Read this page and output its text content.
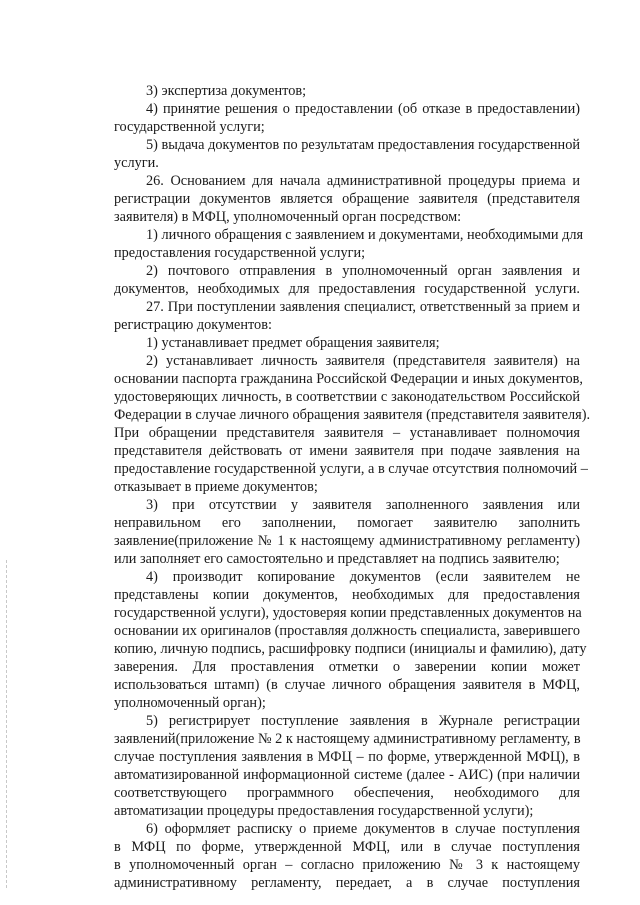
3) экспертиза документов;
4) принятие решения о предоставлении (об отказе в предоставлении)
государственной услуги;
5) выдача документов по результатам предоставления государственной
услуги.
26. Основанием для начала административной процедуры приема и
регистрации документов является обращение заявителя (представителя
заявителя) в МФЦ, уполномоченный орган посредством:
1) личного обращения с заявлением и документами, необходимыми для
предоставления государственной услуги;
2) почтового отправления в уполномоченный орган заявления и
документов, необходимых для предоставления государственной услуги.
27. При поступлении заявления специалист, ответственный за прием и
регистрацию документов:
1) устанавливает предмет обращения заявителя;
2) устанавливает личность заявителя (представителя заявителя) на
основании паспорта гражданина Российской Федерации и иных документов,
удостоверяющих личность, в соответствии с законодательством Российской
Федерации в случае личного обращения заявителя (представителя заявителя).
При обращении представителя заявителя – устанавливает полномочия
представителя действовать от имени заявителя при подаче заявления на
предоставление государственной услуги, а в случае отсутствия полномочий –
отказывает в приеме документов;
3) при отсутствии у заявителя заполненного заявления или
неправильном его заполнении, помогает заявителю заполнить
заявление(приложение № 1 к настоящему административному регламенту)
или заполняет его самостоятельно и представляет на подпись заявителю;
4) производит копирование документов (если заявителем не
представлены копии документов, необходимых для предоставления
государственной услуги), удостоверяя копии представленных документов на
основании их оригиналов (проставляя должность специалиста, заверившего
копию, личную подпись, расшифровку подписи (инициалы и фамилию), дату
заверения. Для проставления отметки о заверении копии может
использоваться штамп) (в случае личного обращения заявителя в МФЦ,
уполномоченный орган);
5) регистрирует поступление заявления в Журнале регистрации
заявлений(приложение № 2 к настоящему административному регламенту, в
случае поступления заявления в МФЦ – по форме, утвержденной МФЦ), в
автоматизированной информационной системе (далее - АИС) (при наличии
соответствующего программного обеспечения, необходимого для
автоматизации процедуры предоставления государственной услуги);
6) оформляет расписку о приеме документов в случае поступления
в МФЦ по форме, утвержденной МФЦ, или в случае поступления
в уполномоченный орган – согласно приложению № 3 к настоящему
административному регламенту, передает, а в случае поступления
